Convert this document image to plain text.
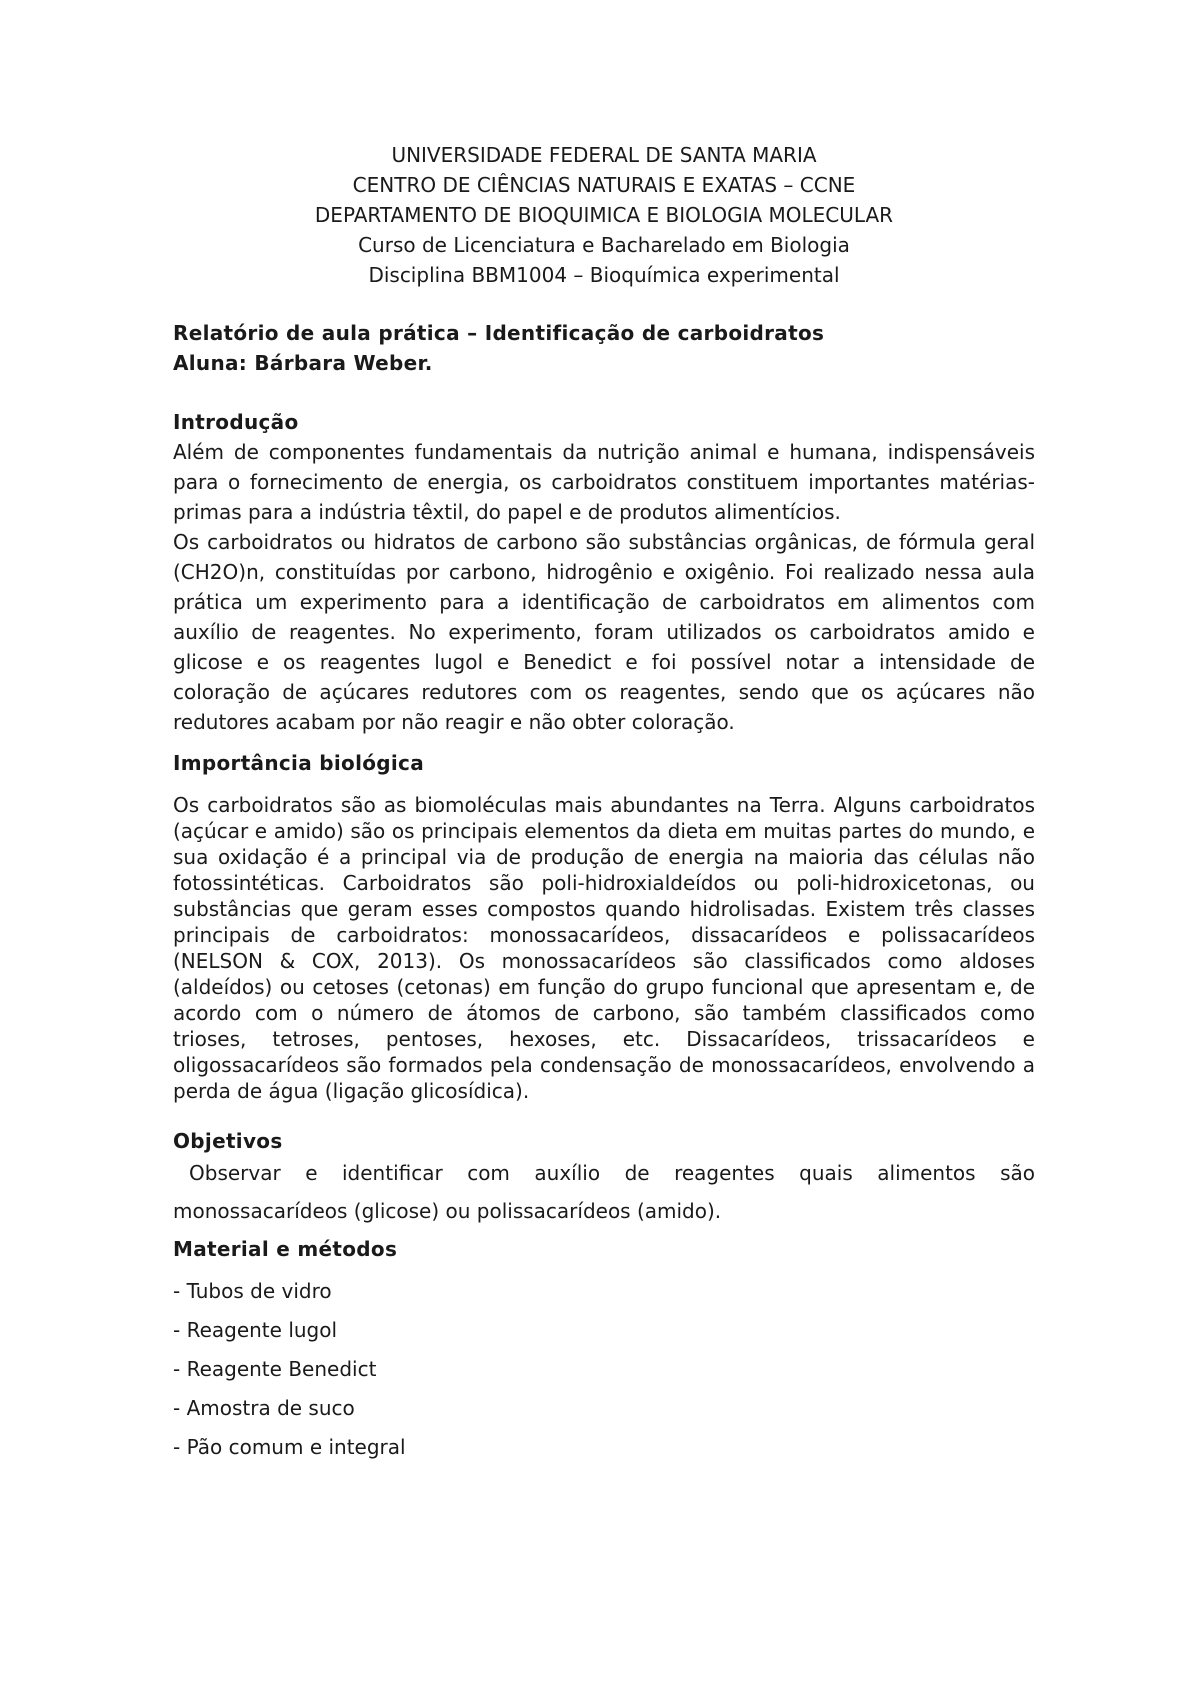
UNIVERSIDADE FEDERAL DE SANTA MARIA
CENTRO DE CIÊNCIAS NATURAIS E EXATAS – CCNE
DEPARTAMENTO DE BIOQUIMICA E BIOLOGIA MOLECULAR
Curso de Licenciatura e Bacharelado em Biologia
Disciplina BBM1004 – Bioquímica experimental
Relatório de aula prática – Identificação de carboidratos
Aluna: Bárbara Weber.
Introdução

Além de componentes fundamentais da nutrição animal e humana, indispensáveis para o fornecimento de energia, os carboidratos constituem importantes matérias-primas para a indústria têxtil, do papel e de produtos alimentícios.

Os carboidratos ou hidratos de carbono são substâncias orgânicas, de fórmula geral (CH2O)n, constituídas por carbono, hidrogênio e oxigênio. Foi realizado nessa aula prática um experimento para a identificação de carboidratos em alimentos com auxílio de reagentes. No experimento, foram utilizados os carboidratos amido e glicose e os reagentes lugol e Benedict e foi possível notar a intensidade de coloração de açúcares redutores com os reagentes, sendo que os açúcares não redutores acabam por não reagir e não obter coloração.

Importância biológica

Os carboidratos são as biomoléculas mais abundantes na Terra. Alguns carboidratos (açúcar e amido) são os principais elementos da dieta em muitas partes do mundo, e sua oxidação é a principal via de produção de energia na maioria das células não fotossintéticas. Carboidratos são poli-hidroxialdeídos ou poli-hidroxicetonas, ou substâncias que geram esses compostos quando hidrolisadas. Existem três classes principais de carboidratos: monossacarídeos, dissacarídeos e polissacarídeos (NELSON & COX, 2013). Os monossacarídeos são classificados como aldoses (aldeídos) ou cetoses (cetonas) em função do grupo funcional que apresentam e, de acordo com o número de átomos de carbono, são também classificados como trioses, tetroses, pentoses, hexoses, etc. Dissacarídeos, trissacarídeos e oligossacarídeos são formados pela condensação de monossacarídeos, envolvendo a perda de água (ligação glicosídica).

Objetivos

Observar e identificar com auxílio de reagentes quais alimentos são monossacarídeos (glicose) ou polissacarídeos (amido).

Material e métodos
- Tubos de vidro
- Reagente lugol
- Reagente Benedict
- Amostra de suco
- Pão comum e integral
